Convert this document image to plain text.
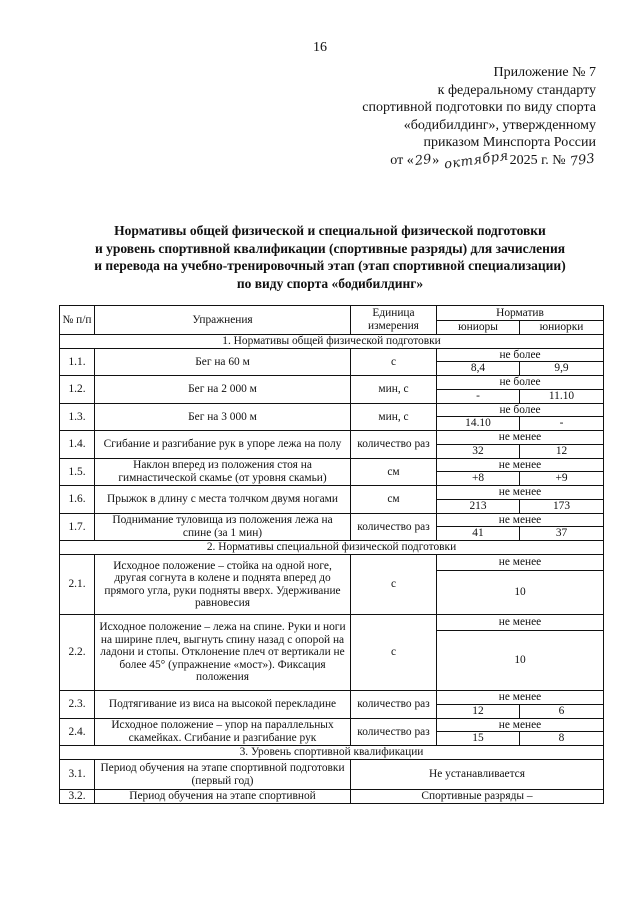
16
Приложение № 7
к федеральному стандарту
спортивной подготовки по виду спорта
«бодибилдинг», утвержденному
приказом Минспорта России
от «29» октября2025 г. № 793
Нормативы общей физической и специальной физической подготовки
и уровень спортивной квалификации (спортивные разряды) для зачисления
и перевода на учебно-тренировочный этап (этап спортивной специализации)
по виду спорта «бодибилдинг»
№ п/п	Упражнения	Единица измерения	Норматив	
			юниоры	юниорки
1. Нормативы общей физической подготовки				
1.1.	Бег на 60 м	с	не более	
			8,4	9,9
1.2.	Бег на 2 000 м	мин, с	не более	
			-	11.10
1.3.	Бег на 3 000 м	мин, с	не более	
			14.10	-
1.4.	Сгибание и разгибание рук в упоре лежа на полу	количество раз	не менее	
			32	12
1.5.	Наклон вперед из положения стоя на гимнастической скамье (от уровня скамьи)	см	не менее	
			+8	+9
1.6.	Прыжок в длину с места толчком двумя ногами	см	не менее	
			213	173
1.7.	Поднимание туловища из положения лежа на спине (за 1 мин)	количество раз	не менее	
			41	37
2. Нормативы специальной физической подготовки				
2.1.	Исходное положение – стойка на одной ноге, другая согнута в колене и поднята вперед до прямого угла, руки подняты вверх. Удерживание равновесия	с	не менее	
			10	
2.2.	Исходное положение – лежа на спине. Руки и ноги на ширине плеч, выгнуть спину назад с опорой на ладони и стопы. Отклонение плеч от вертикали не более 45° (упражнение «мост»). Фиксация положения	с	не менее	
			10	
2.3.	Подтягивание из виса на высокой перекладине	количество раз	не менее	
			12	6
2.4.	Исходное положение – упор на параллельных скамейках. Сгибание и разгибание рук	количество раз	не менее	
			15	8
3. Уровень спортивной квалификации				
3.1.	Период обучения на этапе спортивной подготовки (первый год)	Не устанавливается		
3.2.	Период обучения на этапе спортивной	Спортивные разряды –		
